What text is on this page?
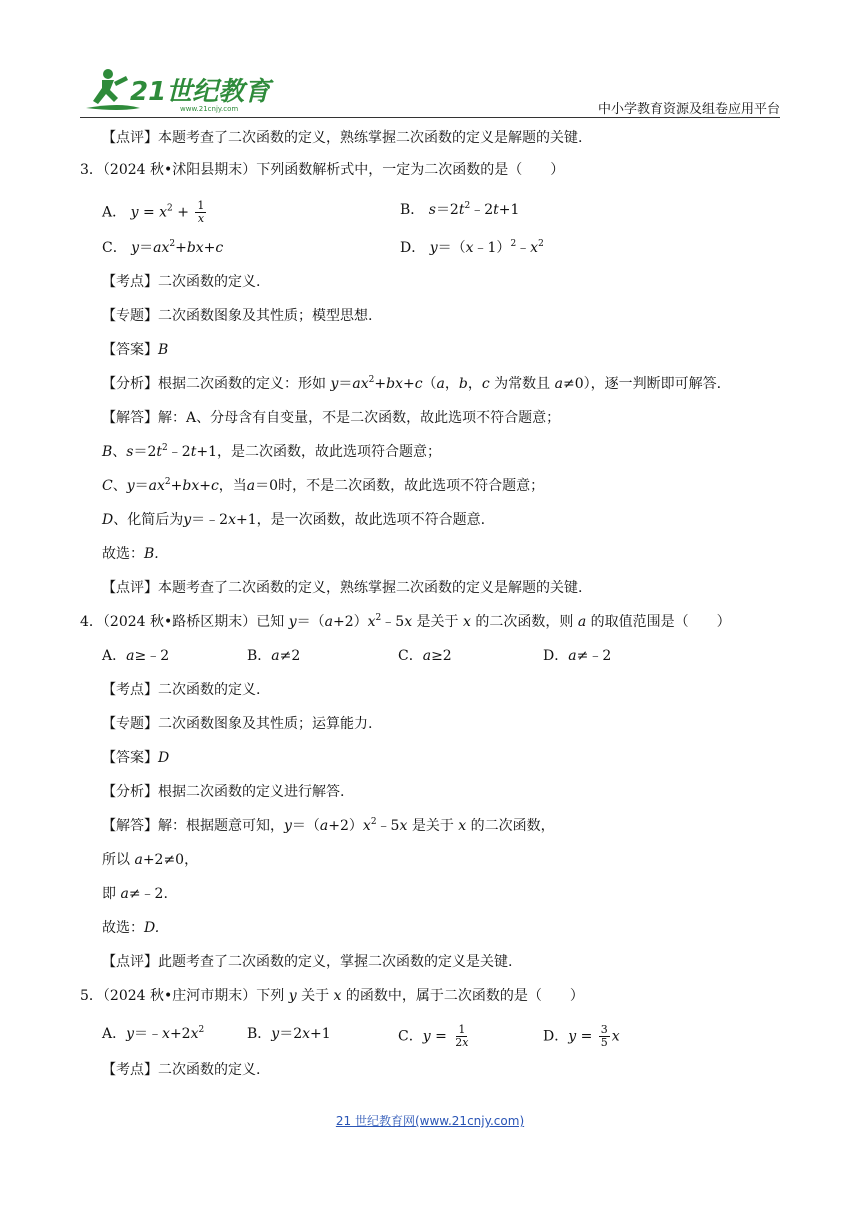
21世纪教育
www.21cnjy.com	中小学教育资源及组卷应用平台
【点评】本题考查了二次函数的定义，熟练掌握二次函数的定义是解题的关键.
3．（2024 秋•沭阳县期末）下列函数解析式中，一定为二次函数的是（　　）
A． $y = x^2 + \frac{1}{x}$	B． $s=2t^2﹣2t+1$
C． $y=ax^2+bx+c$	D． $y=(x﹣1)^2﹣x^2$
【考点】二次函数的定义.
【专题】二次函数图象及其性质；模型思想.
【答案】B
【分析】根据二次函数的定义：形如 $y=ax^2+bx+c(a$，b，c 为常数且 a≠0），逐一判断即可解答.
【解答】解：A、分母含有自变量，不是二次函数，故此选项不符合题意；
B、$s=2t^2﹣2t+1$，是二次函数，故此选项符合题意；
C、$y=ax^2+bx+c$，当a＝0时，不是二次函数，故此选项不符合题意；
D、化简后为y＝﹣2x+1，是一次函数，故此选项不符合题意.
故选：B.
【点评】本题考查了二次函数的定义，熟练掌握二次函数的定义是解题的关键.
4．（2024 秋•路桥区期末）已知 $y=(a+2)x^2﹣5x$ 是关于 x 的二次函数，则 a 的取值范围是（　　）
A．a≥﹣2	B．a≠2	C．a≥2	D．a≠﹣2
【考点】二次函数的定义.
【专题】二次函数图象及其性质；运算能力.
【答案】D
【分析】根据二次函数的定义进行解答.
【解答】解：根据题意可知，$y=(a+2)x^2﹣5x$ 是关于 x 的二次函数，
所以 a+2≠0，
即 a≠﹣2.
故选：D.
【点评】此题考查了二次函数的定义，掌握二次函数的定义是关键.
5．（2024 秋•庄河市期末）下列 y 关于 x 的函数中，属于二次函数的是（　　）
A．$y=﹣x+2x^2$	B．y＝2x+1	C．$y = \frac{1}{2x}$	D．$y = \frac{3}{5}$ x
【考点】二次函数的定义.
21 世纪教育网(www.21cnjy.com)
